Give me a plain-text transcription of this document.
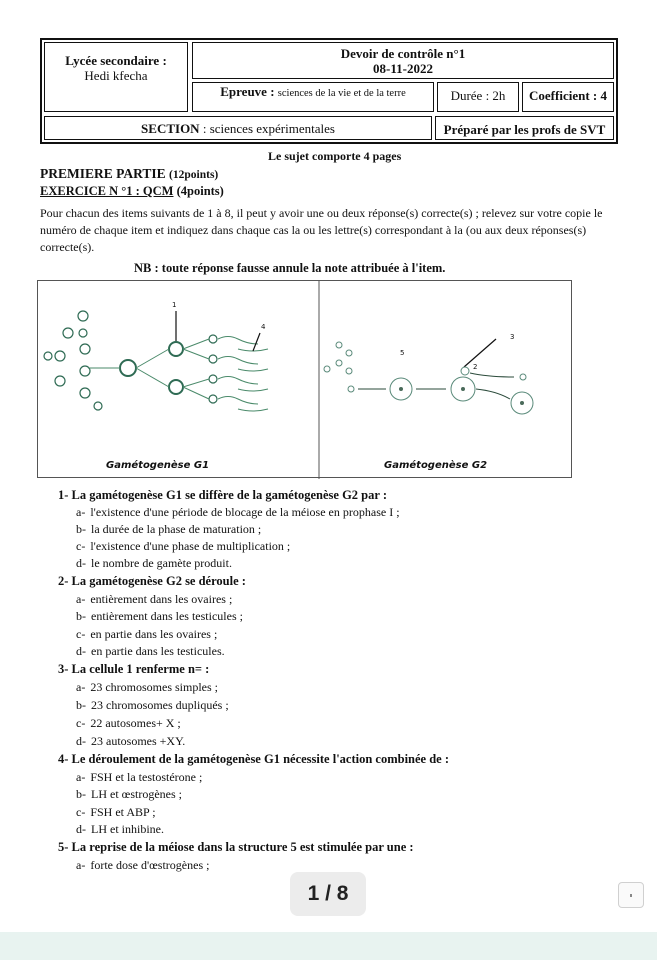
Lycée secondaire :
Hedi kfecha
Devoir de contrôle n°1
08-11-2022
Epreuve : sciences de la vie et de la terre	Durée : 2h	Coefficient : 4
SECTION : sciences expérimentales	Préparé par les profs de SVT
Le sujet comporte 4 pages
PREMIERE PARTIE (12points)
EXERCICE N °1 : QCM (4points)
Pour chacun des items suivants de 1 à 8, il peut y avoir une ou deux réponse(s) correcte(s) ; relevez sur votre copie le numéro de chaque item et indiquez dans chaque cas la ou les lettre(s) correspondant à la (ou aux deux réponses(s) correcte(s).
NB : toute réponse fausse annule la note attribuée à l'item.
1
4
3
2
5
Gamétogenèse G1	Gamétogenèse G2
1- La gamétogenèse G1 se diffère de la gamétogenèse G2 par :
a- l'existence d'une période de blocage de la méiose en prophase I ;
b- la durée de la phase de maturation ;
c- l'existence d'une phase de multiplication ;
d- le nombre de gamète produit.
2- La gamétogenèse G2 se déroule :
a- entièrement dans les ovaires ;
b- entièrement dans les testicules ;
c- en partie dans les ovaires ;
d- en partie dans les testicules.
3- La cellule 1 renferme n= :
a- 23 chromosomes simples ;
b- 23 chromosomes dupliqués ;
c- 22 autosomes+ X ;
d- 23 autosomes +XY.
4- Le déroulement de la gamétogenèse G1 nécessite l'action combinée de :
a- FSH et la testostérone ;
b- LH et œstrogènes ;
c- FSH et ABP ;
d- LH et inhibine.
5- La reprise de la méiose dans la structure 5 est stimulée par une :
a- forte dose d'œstrogènes ;
1 / 8
